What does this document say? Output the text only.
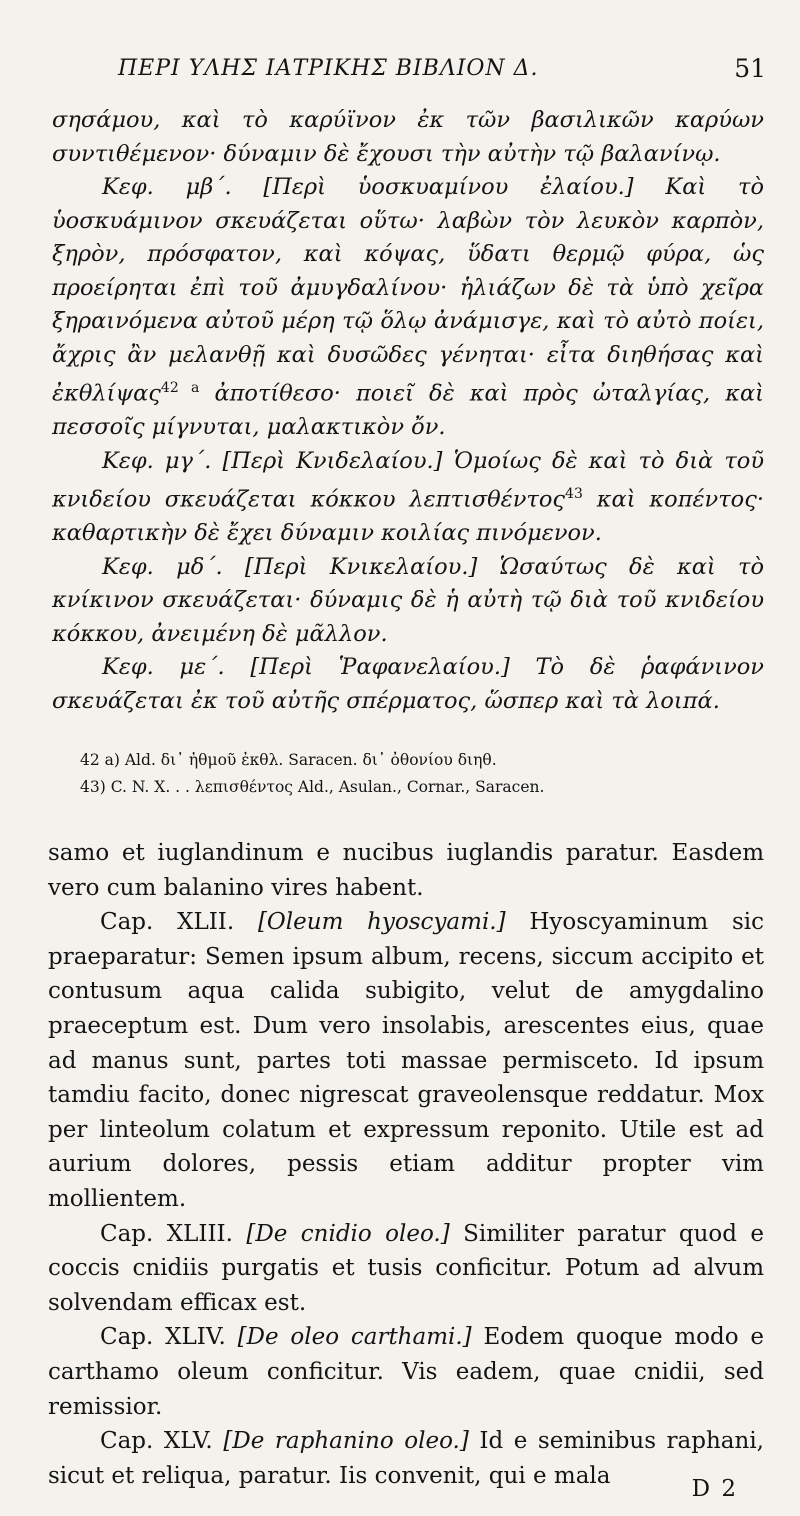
ΠΕΡΙ ΥΛΗΣ ΙΑΤΡΙΚΗΣ ΒΙΒΛΙΟΝ Δ.	51

σησάμου, καὶ τὸ καρύϊνον ἐκ τῶν βασιλικῶν καρύων συντιθέμενον· δύναμιν δὲ ἔχουσι τὴν αὐτὴν τῷ βαλανίνῳ.

Κεφ. μβ΄. [Περὶ ὑοσκυαμίνου ἐλαίου.] Καὶ τὸ ὑοσκυάμινον σκευάζεται οὕτω· λαβὼν τὸν λευκὸν καρπὸν, ξηρὸν, πρόσφατον, καὶ κόψας, ὕδατι θερμῷ φύρα, ὡς προείρηται ἐπὶ τοῦ ἀμυγδαλίνου· ἡλιάζων δὲ τὰ ὑπὸ χεῖρα ξηραινόμενα αὐτοῦ μέρη τῷ ὅλῳ ἀνάμισγε, καὶ τὸ αὐτὸ ποίει, ἄχρις ἂν μελανθῇ καὶ δυσῶδες γένηται· εἶτα διηθήσας καὶ ἐκθλίψας$^{42 a}$ ἀποτίθεσο· ποιεῖ δὲ καὶ πρὸς ὠταλγίας, καὶ πεσσοῖς μίγνυται, μαλακτικὸν ὄν.

Κεφ. μγ΄. [Περὶ Κνιδελαίου.] Ὁμοίως δὲ καὶ τὸ διὰ τοῦ κνιδείου σκευάζεται κόκκου λεπτισθέντος$^{43}$ καὶ κοπέντος· καθαρτικὴν δὲ ἔχει δύναμιν κοιλίας πινόμενον.

Κεφ. μδ΄. [Περὶ Κνικελαίου.] Ὡσαύτως δὲ καὶ τὸ κνίκινον σκευάζεται· δύναμις δὲ ἡ αὐτὴ τῷ διὰ τοῦ κνιδείου κόκκου, ἀνειμένη δὲ μᾶλλον.

Κεφ. με΄. [Περὶ Ῥαφανελαίου.] Τὸ δὲ ῥαφάνινον σκευάζεται ἐκ τοῦ αὐτῆς σπέρματος, ὥσπερ καὶ τὰ λοιπά.

42 a) Ald. δι᾽ ἠθμοῦ ἐκθλ. Saracen. δι᾽ ὀθονίου διηθ.

43) C. N. X. . . λεπισθέντος Ald., Asulan., Cornar., Saracen.

samo et iuglandinum e nucibus iuglandis paratur. Easdem vero cum balanino vires habent.

Cap. XLII. [Oleum hyoscyami.] Hyoscyaminum sic praeparatur: Semen ipsum album, recens, siccum accipito et contusum aqua calida subigito, velut de amygdalino praeceptum est. Dum vero insolabis, arescentes eius, quae ad manus sunt, partes toti massae permisceto. Id ipsum tamdiu facito, donec nigrescat graveolensque reddatur. Mox per linteolum colatum et expressum reponito. Utile est ad aurium dolores, pessis etiam additur propter vim mollientem.

Cap. XLIII. [De cnidio oleo.] Similiter paratur quod e coccis cnidiis purgatis et tusis conficitur. Potum ad alvum solvendam efficax est.

Cap. XLIV. [De oleo carthami.] Eodem quoque modo e carthamo oleum conficitur. Vis eadem, quae cnidii, sed remissior.

Cap. XLV. [De raphanino oleo.] Id e seminibus raphani, sicut et reliqua, paratur. Iis convenit, qui e mala

D 2
